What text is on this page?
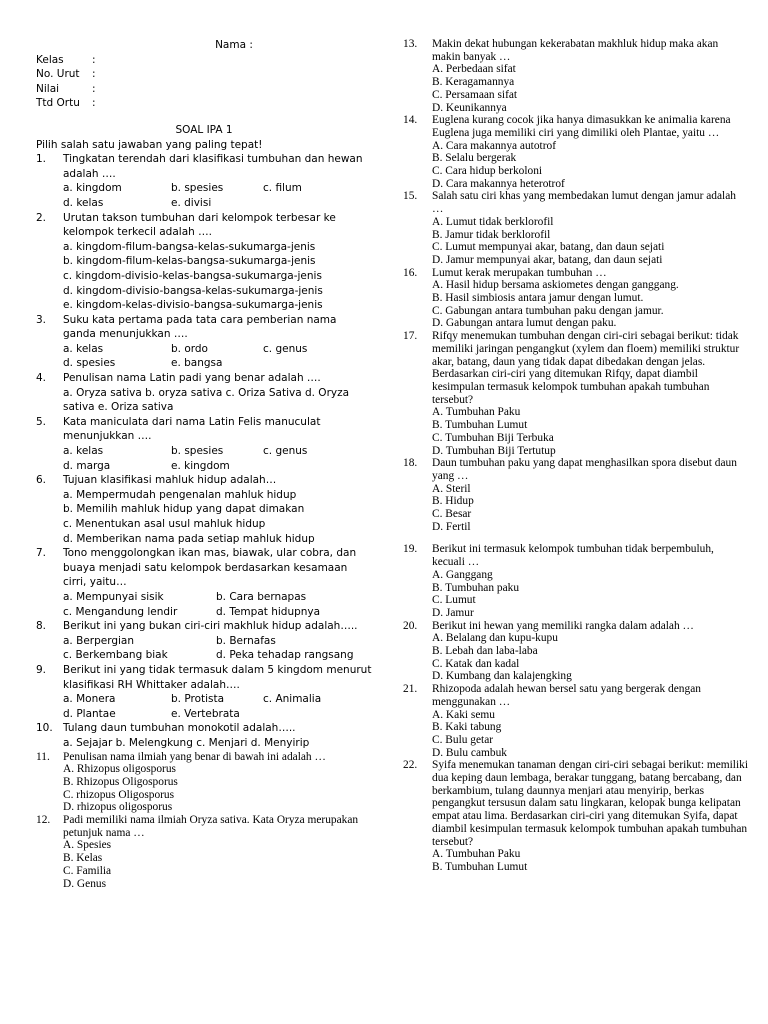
Nama :
Kelas	:
No. Urut	:
Nilai	:
Ttd Ortu	:
SOAL IPA 1
Pilih salah satu jawaban yang paling tepat!
1.	Tingkatan terendah dari klasifikasi tumbuhan dan hewan adalah ….
a. kingdom	b. spesies	c. filum
d. kelas	e. divisi
2.	Urutan takson tumbuhan dari kelompok terbesar ke kelompok terkecil adalah ….
a. kingdom-filum-bangsa-kelas-sukumarga-jenis
b. kingdom-filum-kelas-bangsa-sukumarga-jenis
c. kingdom-divisio-kelas-bangsa-sukumarga-jenis
d. kingdom-divisio-bangsa-kelas-sukumarga-jenis
e. kingdom-kelas-divisio-bangsa-sukumarga-jenis
3.	Suku kata pertama pada tata cara pemberian nama ganda menunjukkan ….
a. kelas	b. ordo	c. genus
d. spesies	e. bangsa
4.	Penulisan nama Latin padi yang benar adalah ….
a. Oryza sativa b. oryza sativa c. Oriza Sativa d. Oryza
sativa e. Oriza sativa
5.	Kata maniculata dari nama Latin Felis manuculat menunjukkan ….
a. kelas	b. spesies	c. genus
d. marga	e. kingdom
6.	Tujuan klasifikasi mahluk hidup adalah…
a. Mempermudah pengenalan mahluk hidup
b. Memilih mahluk hidup yang dapat dimakan
c. Menentukan asal usul mahluk hidup
d. Memberikan nama pada setiap mahluk hidup
7.	Tono menggolongkan ikan mas, biawak, ular cobra, dan buaya menjadi satu kelompok berdasarkan kesamaan cirri, yaitu…
a. Mempunyai sisik	b. Cara bernapas
c. Mengandung lendir	d. Tempat hidupnya
8.	Berikut ini yang bukan ciri-ciri makhluk hidup adalah…..
a. Berpergian	b. Bernafas
c. Berkembang biak	d. Peka tehadap rangsang
9.	Berikut ini yang tidak termasuk dalam 5 kingdom menurut klasifikasi RH Whittaker adalah….
a. Monera	b. Protista	c. Animalia
d. Plantae	e. Vertebrata
10. Tulang daun tumbuhan monokotil adalah…..
a. Sejajar b. Melengkung c. Menjari d. Menyirip
11.	Penulisan nama ilmiah yang benar di bawah ini adalah …
A. Rhizopus oligosporus
B. Rhizopus Oligosporus
C. rhizopus Oligosporus
D. rhizopus oligosporus
12.	Padi memiliki nama ilmiah Oryza sativa. Kata Oryza merupakan petunjuk nama …
A. Spesies
B. Kelas
C. Familia
D. Genus
13.	Makin dekat hubungan kekerabatan makhluk hidup maka akan makin banyak …
A. Perbedaan sifat
B. Keragamannya
C. Persamaan sifat
D. Keunikannya
14.	Euglena kurang cocok jika hanya dimasukkan ke animalia karena Euglena juga memiliki ciri yang dimiliki oleh Plantae, yaitu …
A. Cara makannya autotrof
B. Selalu bergerak
C. Cara hidup berkoloni
D. Cara makannya heterotrof
15.	Salah satu ciri khas yang membedakan lumut dengan jamur adalah …
A. Lumut tidak berklorofil
B. Jamur tidak berklorofil
C. Lumut mempunyai akar, batang, dan daun sejati
D. Jamur mempunyai akar, batang, dan daun sejati
16.	Lumut kerak merupakan tumbuhan …
A. Hasil hidup bersama askiometes dengan ganggang.
B. Hasil simbiosis antara jamur dengan lumut.
C. Gabungan antara tumbuhan paku dengan jamur.
D. Gabungan antara lumut dengan paku.
17.	Rifqy menemukan tumbuhan dengan ciri-ciri sebagai berikut: tidak memiliki jaringan pengangkut (xylem dan floem) memiliki struktur akar, batang, daun yang tidak dapat dibedakan dengan jelas. Berdasarkan ciri-ciri yang ditemukan Rifqy, dapat diambil kesimpulan termasuk kelompok tumbuhan apakah tumbuhan tersebut?
A. Tumbuhan Paku
B. Tumbuhan Lumut
C. Tumbuhan Biji Terbuka
D. Tumbuhan Biji Tertutup
18.	Daun tumbuhan paku yang dapat menghasilkan spora disebut daun yang …
A. Steril
B. Hidup
C. Besar
D. Fertil
19.	Berikut ini termasuk kelompok tumbuhan tidak berpembuluh, kecuali …
A. Ganggang
B. Tumbuhan paku
C. Lumut
D. Jamur
20.	Berikut ini hewan yang memiliki rangka dalam adalah …
A. Belalang dan kupu-kupu
B. Lebah dan laba-laba
C. Katak dan kadal
D. Kumbang dan kalajengking
21.	Rhizopoda adalah hewan bersel satu yang bergerak dengan menggunakan …
A. Kaki semu
B. Kaki tabung
C. Bulu getar
D. Bulu cambuk
22.	Syifa menemukan tanaman dengan ciri-ciri sebagai berikut: memiliki dua keping daun lembaga, berakar tunggang, batang bercabang, dan berkambium, tulang daunnya menjari atau menyirip, berkas pengangkut tersusun dalam satu lingkaran, kelopak bunga kelipatan empat atau lima. Berdasarkan ciri-ciri yang ditemukan Syifa, dapat diambil kesimpulan termasuk kelompok tumbuhan apakah tumbuhan tersebut?
A. Tumbuhan Paku
B. Tumbuhan Lumut
